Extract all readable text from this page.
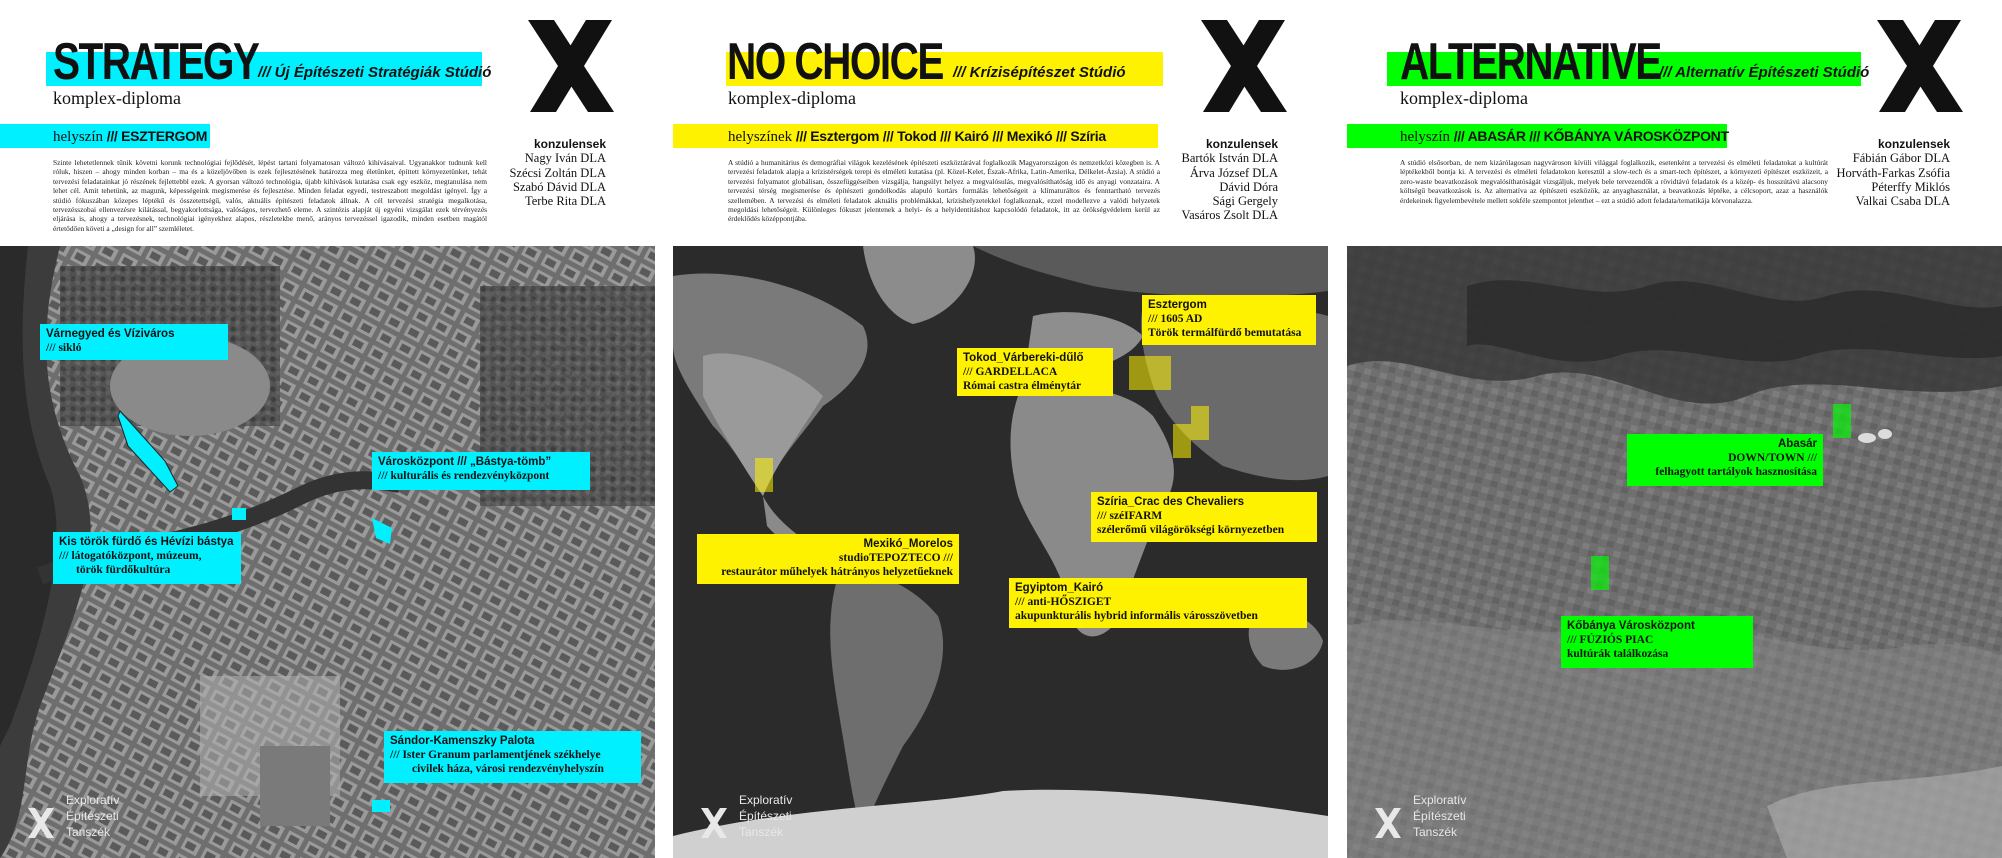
STRATEGY /// Új Építészeti Stratégiák Stúdió
komplex-diploma
helyszín /// ESZTERGOM	konzulensek
Nagy Iván DLA
Szécsi Zoltán DLA
Szabó Dávid DLA
Terbe Rita DLA
Szinte lehetetlennek tűnik követni korunk technológiai fejlődését, lépést tartani folyamatosan változó kihívásaival. Ugyanakkor tudnunk kell róluk, hiszen – ahogy minden korban – ma és a közeljövőben is ezek fejlesztésének határozza meg életünket, építtett környezetünket, tehát tervezési feladatainkat jó részének fejlettebbl ezek. A gyorsan változó technológia, újabb kihívások kutatása csak egy eszköz, megtanulása nem lehet cél. Amit tehetünk, az magunk, képességeink megismerése és fejlesztése. Minden feladat egyedi, testreszabott megoldást igényel. Így a stúdió fókuszában közepes léptékű és összetettségű, valós, aktuális építészeti feladatok állnak. A cél tervezési stratégia megalkotása, tervezésszobai ellenvezésre kilátással, begyakorlottsága, valóságos, tervezhető eleme. A szintézis alapját új egyéni vizsgálat ezek térvényezés eljárása is, ahogy a tervezésnek, technológiai igényekhez alapos, részletekbe menő, arányos tervezéssel igazodik, minden esetben magától értetődően követi a „design for all” szemléletet.
Várnegyed és Víziváros
/// sikló
Városközpont /// „Bástya-tömb”
/// kulturális és rendezvényközpont
Kis török fürdő és Hévízi bástya
/// látogatóközpont, múzeum,
török fürdőkultúra
Sándor-Kamenszky Palota
/// Ister Granum parlamentjének székhelye
civilek háza, városi rendezvényhelyszín
Exploratív
Építészeti
Tanszék
NO CHOICE /// Krízisépítészet Stúdió
komplex-diploma
helyszínek /// Esztergom /// Tokod /// Kairó /// Mexikó /// Szíria	konzulensek
Bartók István DLA
Árva József DLA
Dávid Dóra
Sági Gergely
Vasáros Zsolt DLA
A stúdió a humanitárius és demográfiai világok kezelésének építészeti eszköztárával foglalkozik Magyarországon és nemzetközi közegben is. A tervezési feladatok alapja a krízistérségek terepi és elméleti kutatása (pl. Közel-Kelet, Észak-Afrika, Latin-Amerika, Délkelet-Ázsia). A stúdió a tervezési folyamatot globálisan, összefüggéseiben vizsgálja, hangsúlyt helyez a megvalósulás, megvalósíthatóság idő és anyagi vonzataira. A tervezési térség megismerése és építészeti gondolkodás alapuló kortárs formálás lehetőségeit a klímaturáltos és fenntartható tervezés szellemében. A tervezési és elméleti feladatok aktuális problémákkal, krízishelyzetekkel foglalkoznak, ezzel modellezve a valódi helyzetek megoldási lehetőségeit. Különleges fókuszt jelentenek a helyi- és a helyidentitáshoz kapcsolódó feladatok, itt az örökségvédelem kerül az érdeklődés középpontjába.
Esztergom
/// 1605 AD
Török termálfürdő bemutatása
Tokod_Várbereki-dűlő
/// GARDELLACA
Római castra élménytár
Szíria_Crac des Chevaliers
/// széIFARM
szélerőmű világörökségi környezetben
Mexikó_Morelos
studioTEPOZTECO ///
restaurátor műhelyek hátrányos helyzetűeknek
Egyiptom_Kairó
/// anti-HŐSZIGET
akupunkturális hybrid informális városszövetben
Exploratív
Építészeti
Tanszék
ALTERNATIVE
/// Alternatív Építészeti Stúdió
komplex-diploma
helyszín /// ABASÁR /// KŐBÁNYA VÁROSKÖZPONT	konzulensek
Fábián Gábor DLA
Horváth-Farkas Zsófia
Péterffy Miklós
Valkai Csaba DLA
A stúdió elsősorban, de nem kizárólagosan nagyvároson kívüli világgal foglalkozik, esetenként a tervezési és elméleti feladatokat a kultúrát léptékekből bontja ki. A tervezési és elméleti feladatokon keresztül a slow-tech és a smart-tech építészet, a környezeti építészet eszközeit, a zero-waste beavatkozások megvalósíthatóságát vizsgáljuk, melyek bele tervezendők a rövidtávú feladatok és a közép- és hosszútávú alacsony költségű beavatkozások is. Az alternatíva az építészeti eszközök, az anyaghasználat, a beavatkozás léptéke, a célcsoport, azaz a használók érdekeinek figyelembevétele mellett sokféle szempontot jelenthet – ezt a stúdió adott feladata/tematikája körvonalazza.
Abasár
DOWN/TOWN ///
felhagyott tartályok hasznosítása
Kőbánya Városközpont
/// FÚZIÓS PIAC
kultúrák találkozása
Exploratív
Építészeti
Tanszék
